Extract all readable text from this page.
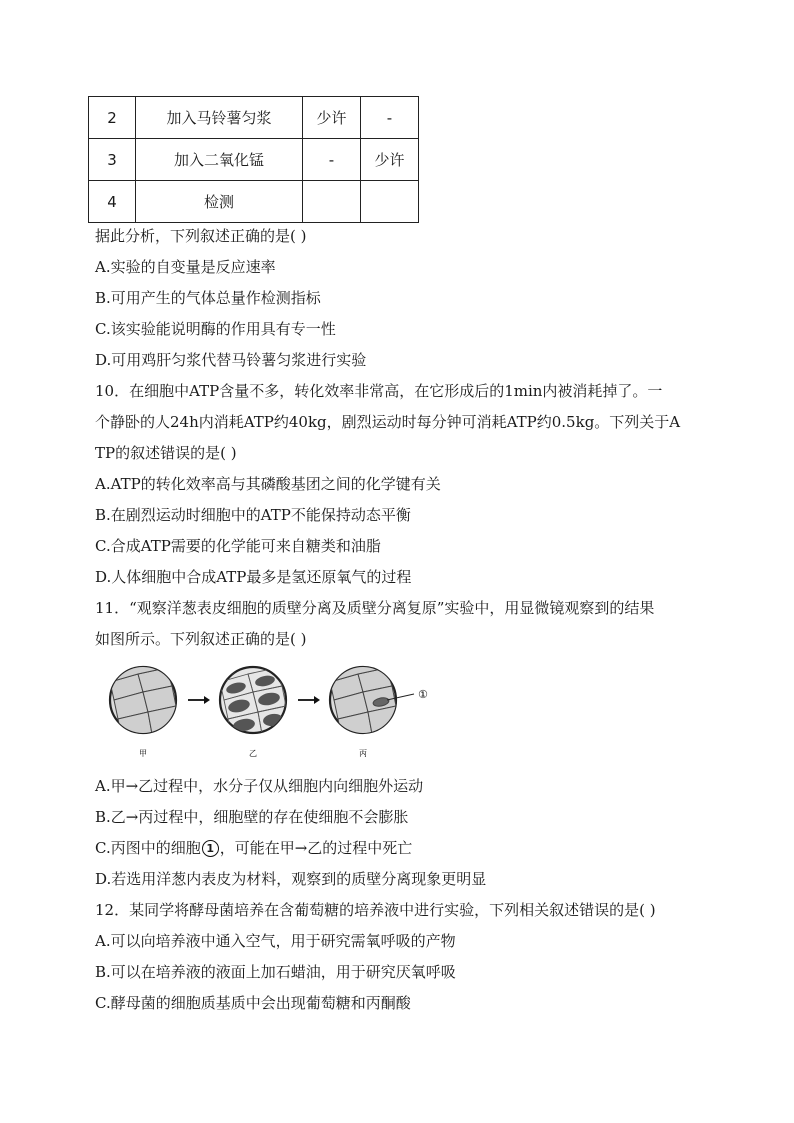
2	加入马铃薯匀浆	少许	-
3	加入二氧化锰	-	少许
4	检测		
据此分析，下列叙述正确的是( )
A.实验的自变量是反应速率
B.可用产生的气体总量作检测指标
C.该实验能说明酶的作用具有专一性
D.可用鸡肝匀浆代替马铃薯匀浆进行实验
10．在细胞中ATP含量不多，转化效率非常高，在它形成后的1min内被消耗掉了。一
个静卧的人24h内消耗ATP约40kg，剧烈运动时每分钟可消耗ATP约0.5kg。下列关于A
TP的叙述错误的是( )
A.ATP的转化效率高与其磷酸基团之间的化学键有关
B.在剧烈运动时细胞中的ATP不能保持动态平衡
C.合成ATP需要的化学能可来自糖类和油脂
D.人体细胞中合成ATP最多是氢还原氧气的过程
11．“观察洋葱表皮细胞的质壁分离及质壁分离复原”实验中，用显微镜观察到的结果
如图所示。下列叙述正确的是( )
①
甲	乙	丙
A.甲→乙过程中，水分子仅从细胞内向细胞外运动
B.乙→丙过程中，细胞壁的存在使细胞不会膨胀
C.丙图中的细胞 1 ，可能在甲→乙的过程中死亡
D.若选用洋葱内表皮为材料，观察到的质壁分离现象更明显
12．某同学将酵母菌培养在含葡萄糖的培养液中进行实验，下列相关叙述错误的是( )
A.可以向培养液中通入空气，用于研究需氧呼吸的产物
B.可以在培养液的液面上加石蜡油，用于研究厌氧呼吸
C.酵母菌的细胞质基质中会出现葡萄糖和丙酮酸
